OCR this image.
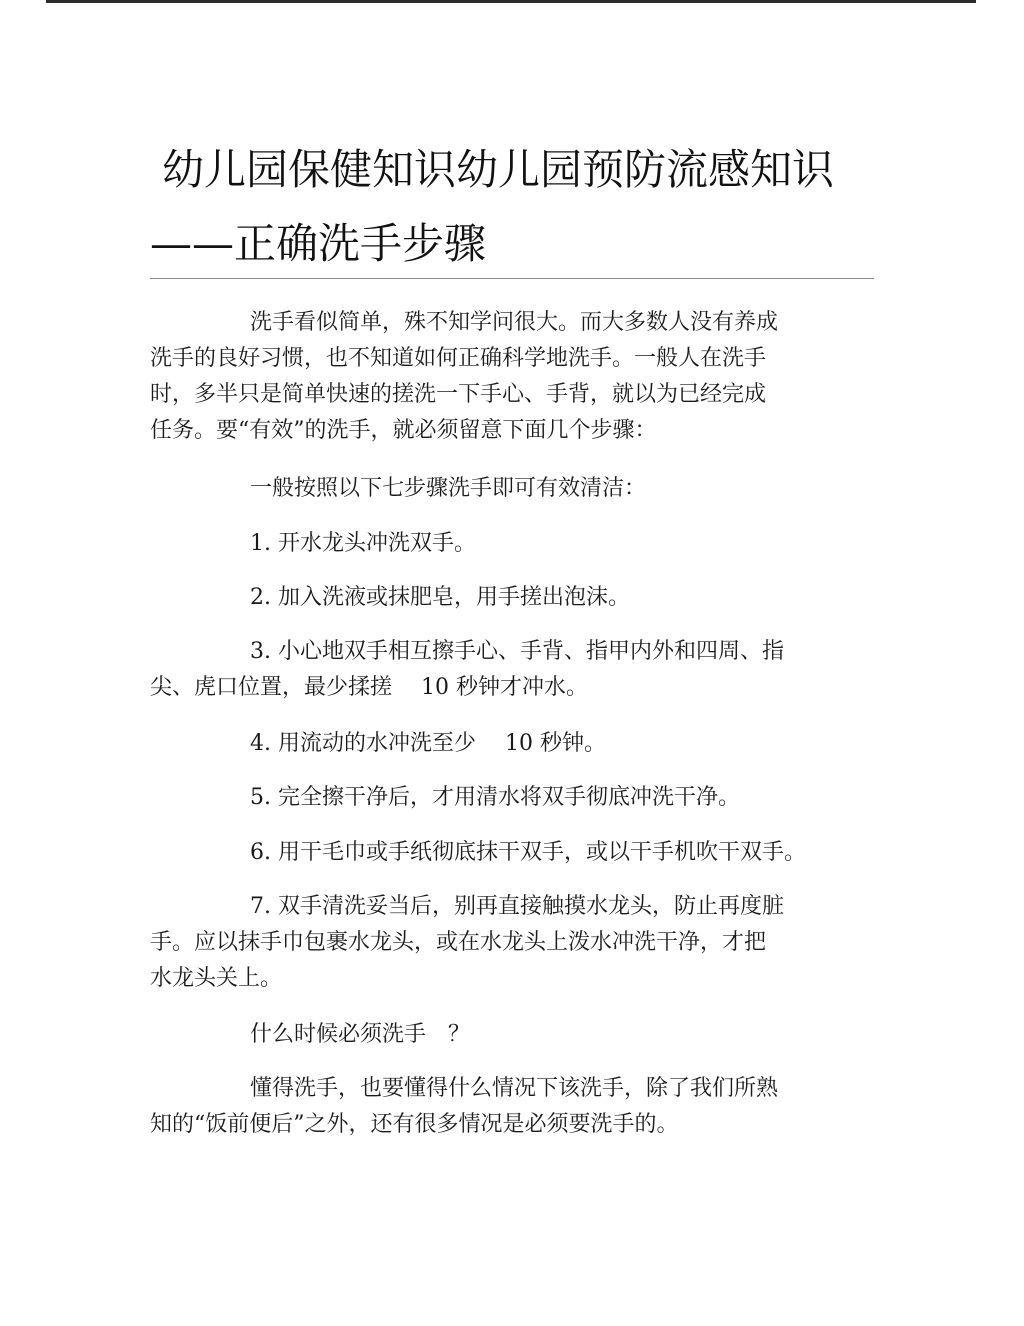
幼儿园保健知识幼儿园预防流感知识
——正确洗手步骤
洗手看似简单，殊不知学问很大。而大多数人没有养成
洗手的良好习惯，也不知道如何正确科学地洗手。一般人在洗手
时，多半只是简单快速的搓洗一下手心、手背，就以为已经完成
任务。要“有效”的洗手，就必须留意下面几个步骤：
一般按照以下七步骤洗手即可有效清洁：
1. 开水龙头冲洗双手。
2. 加入洗液或抹肥皂，用手搓出泡沫。
3. 小心地双手相互擦手心、手背、指甲内外和四周、指
尖、虎口位置，最少揉搓　 10 秒钟才冲水。
4. 用流动的水冲洗至少　 10 秒钟。
5. 完全擦干净后，才用清水将双手彻底冲洗干净。
6. 用干毛巾或手纸彻底抹干双手，或以干手机吹干双手。
7. 双手清洗妥当后，别再直接触摸水龙头，防止再度脏
手。应以抹手巾包裹水龙头，或在水龙头上泼水冲洗干净，才把
水龙头关上。
什么时候必须洗手　？
懂得洗手，也要懂得什么情况下该洗手，除了我们所熟
知的“饭前便后”之外，还有很多情况是必须要洗手的。
